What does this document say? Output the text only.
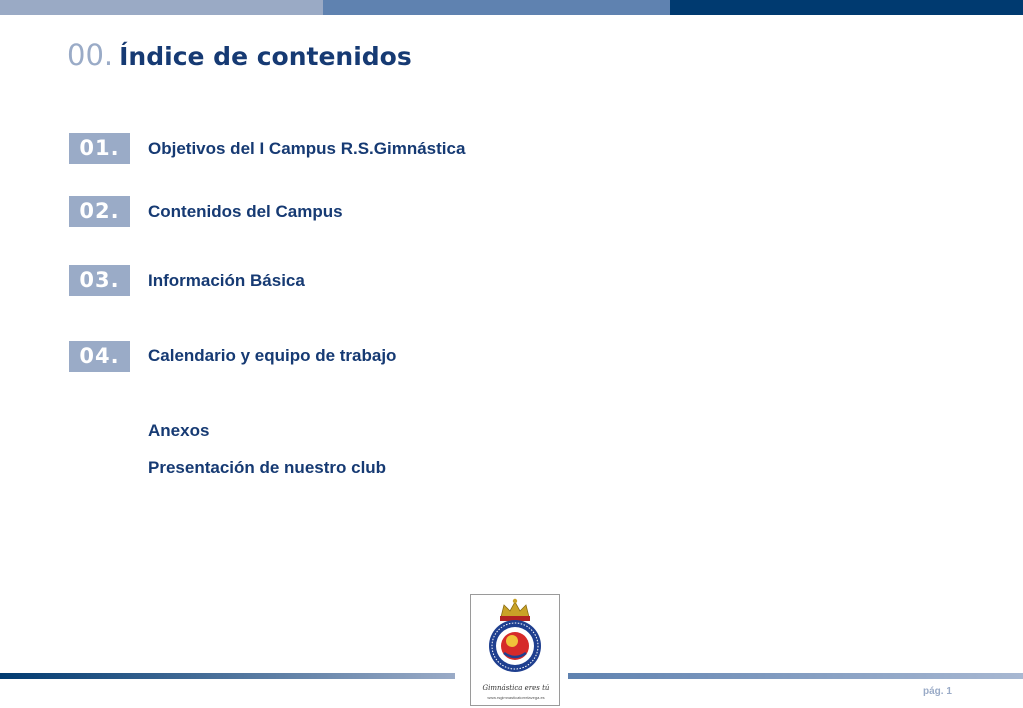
00. Índice de contenidos
01.	Objetivos del I Campus R.S.Gimnástica
02.	Contenidos del Campus
03.	Información Básica
04.	Calendario y equipo de trabajo
Anexos
Presentación de nuestro club
Gimnástica eres tú
www.rsgimnasticatorrelavega.es
pág. 1
